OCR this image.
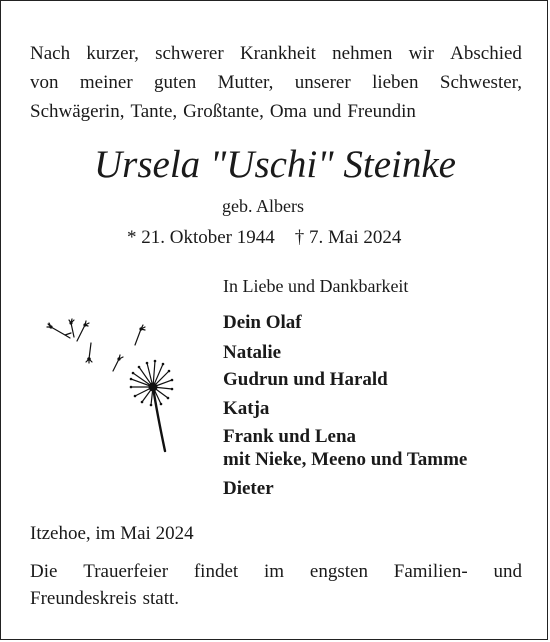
Nach kurzer, schwerer Krankheit nehmen wir Abschied
von meiner guten Mutter, unserer lieben Schwester,
Schwägerin, Tante, Großtante, Oma und Freundin
Ursela "Uschi" Steinke
geb. Albers
* 21. Oktober 1944 † 7. Mai 2024
In Liebe und Dankbarkeit
Dein Olaf
Natalie
Gudrun und Harald
Katja
Frank und Lena
mit Nieke, Meeno und Tamme
Dieter
Itzehoe, im Mai 2024
Die Trauerfeier findet im engsten Familien- und
Freundeskreis statt.
